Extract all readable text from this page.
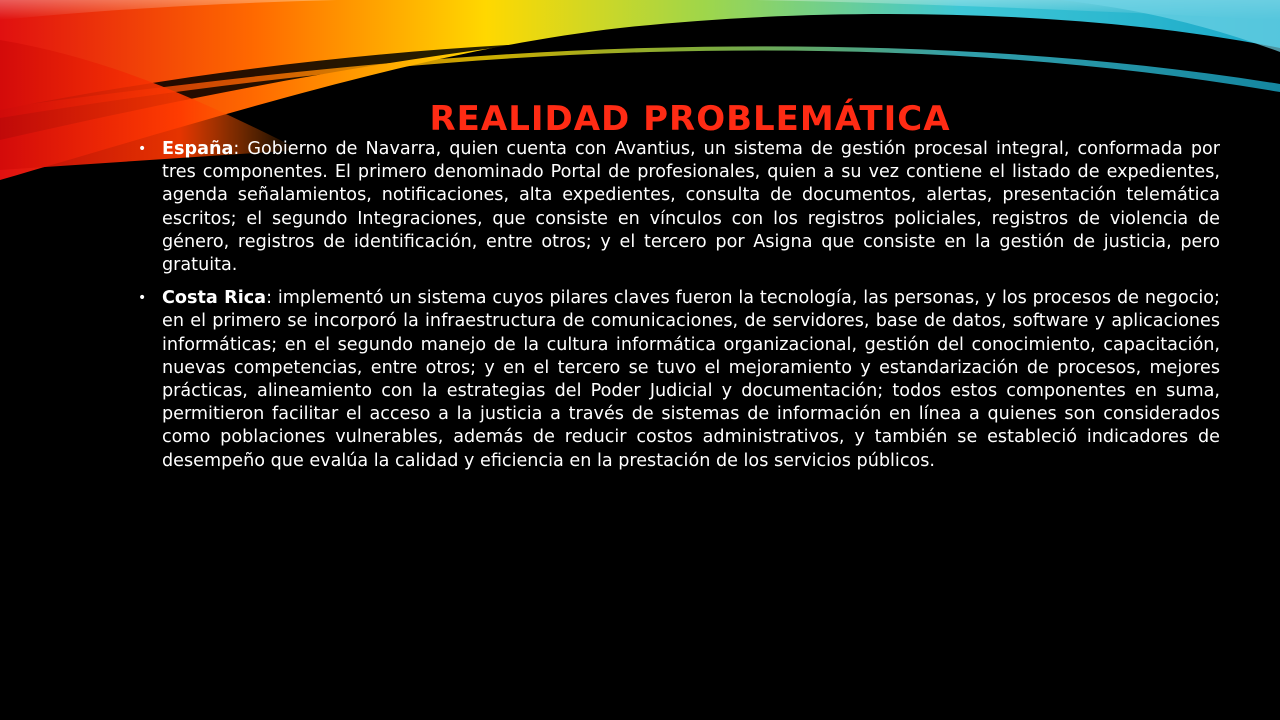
REALIDAD PROBLEMÁTICA
• España: Gobierno de Navarra, quien cuenta con Avantius, un sistema de gestión procesal integral, conformada por tres componentes. El primero denominado Portal de profesionales, quien a su vez contiene el listado de expedientes, agenda señalamientos, notificaciones, alta expedientes, consulta de documentos, alertas, presentación telemática escritos; el segundo Integraciones, que consiste en vínculos con los registros policiales, registros de violencia de género, registros de identificación, entre otros; y el tercero por Asigna que consiste en la gestión de justicia, pero gratuita.
• Costa Rica: implementó un sistema cuyos pilares claves fueron la tecnología, las personas, y los procesos de negocio; en el primero se incorporó la infraestructura de comunicaciones, de servidores, base de datos, software y aplicaciones informáticas; en el segundo manejo de la cultura informática organizacional, gestión del conocimiento, capacitación, nuevas competencias, entre otros; y en el tercero se tuvo el mejoramiento y estandarización de procesos, mejores prácticas, alineamiento con la estrategias del Poder Judicial y documentación; todos estos componentes en suma, permitieron facilitar el acceso a la justicia a través de sistemas de información en línea a quienes son considerados como poblaciones vulnerables, además de reducir costos administrativos, y también se estableció indicadores de desempeño que evalúa la calidad y eficiencia en la prestación de los servicios públicos.
